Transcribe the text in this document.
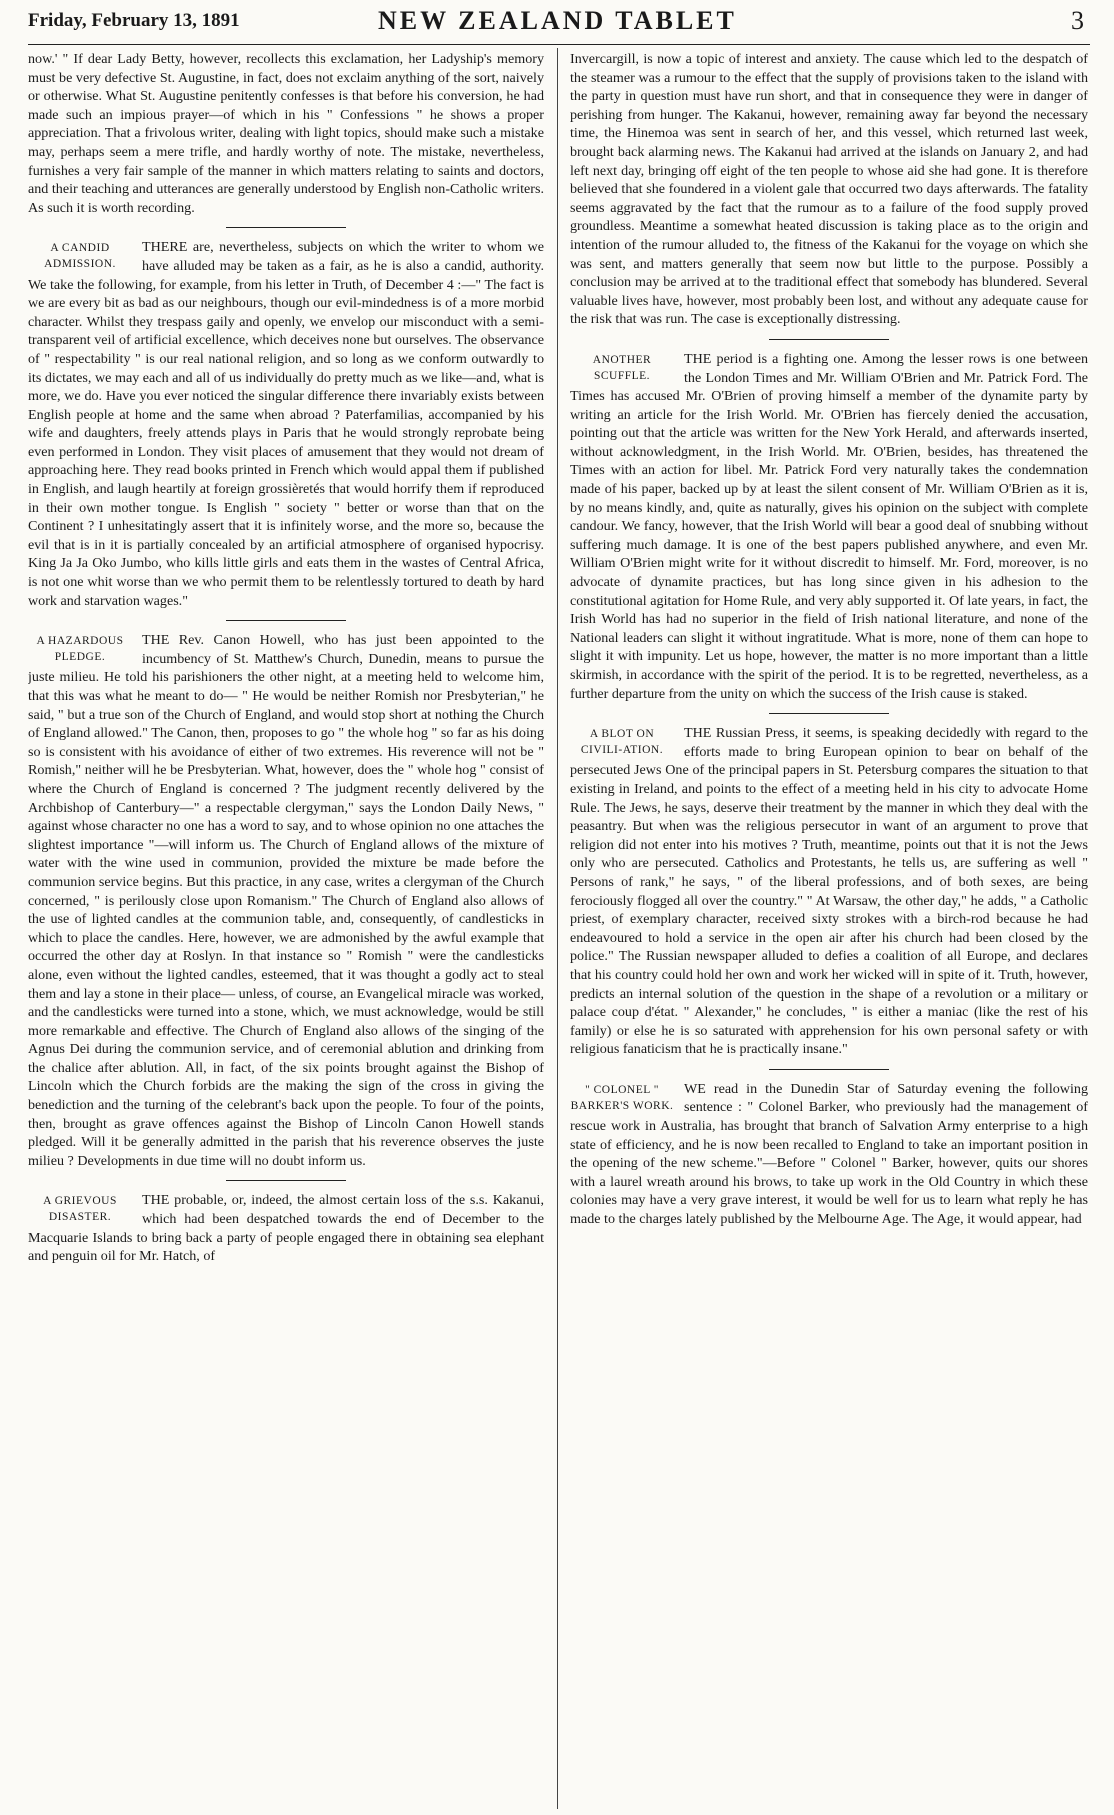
Friday, February 13, 1891	NEW ZEALAND TABLET	3

now.' " If dear Lady Betty, however, recollects this exclamation, her Ladyship's memory must be very defective St. Augustine, in fact, does not exclaim anything of the sort, naively or otherwise. What St. Augustine penitently confesses is that before his conversion, he had made such an impious prayer—of which in his " Confessions " he shows a proper appreciation. That a frivolous writer, dealing with light topics, should make such a mistake may, perhaps seem a mere trifle, and hardly worthy of note. The mistake, nevertheless, furnishes a very fair sample of the manner in which matters relating to saints and doctors, and their teaching and utterances are generally understood by English non-Catholic writers. As such it is worth recording.

A CANDID ADMISSION.

THERE are, nevertheless, subjects on which the writer to whom we have alluded may be taken as a fair, as he is also a candid, authority. We take the following, for example, from his letter in Truth, of December 4 :—" The fact is we are every bit as bad as our neighbours, though our evil-mindedness is of a more morbid character. Whilst they trespass gaily and openly, we envelop our misconduct with a semi-transparent veil of artificial excellence, which deceives none but ourselves. The observance of " respectability " is our real national religion, and so long as we conform outwardly to its dictates, we may each and all of us individually do pretty much as we like—and, what is more, we do. Have you ever noticed the singular difference there invariably exists between English people at home and the same when abroad ? Paterfamilias, accompanied by his wife and daughters, freely attends plays in Paris that he would strongly reprobate being even performed in London. They visit places of amusement that they would not dream of approaching here. They read books printed in French which would appal them if published in English, and laugh heartily at foreign grossièretés that would horrify them if reproduced in their own mother tongue. Is English " society " better or worse than that on the Continent ? I unhesitatingly assert that it is infinitely worse, and the more so, because the evil that is in it is partially concealed by an artificial atmosphere of organised hypocrisy. King Ja Ja Oko Jumbo, who kills little girls and eats them in the wastes of Central Africa, is not one whit worse than we who permit them to be relentlessly tortured to death by hard work and starvation wages."

A HAZARDOUS PLEDGE.

THE Rev. Canon Howell, who has just been appointed to the incumbency of St. Matthew's Church, Dunedin, means to pursue the juste milieu. He told his parishioners the other night, at a meeting held to welcome him, that this was what he meant to do— " He would be neither Romish nor Presbyterian," he said, " but a true son of the Church of England, and would stop short at nothing the Church of England allowed." The Canon, then, proposes to go " the whole hog " so far as his doing so is consistent with his avoidance of either of two extremes. His reverence will not be " Romish," neither will he be Presbyterian. What, however, does the " whole hog " consist of where the Church of England is concerned ? The judgment recently delivered by the Archbishop of Canterbury—" a respectable clergyman," says the London Daily News, " against whose character no one has a word to say, and to whose opinion no one attaches the slightest importance "—will inform us. The Church of England allows of the mixture of water with the wine used in communion, provided the mixture be made before the communion service begins. But this practice, in any case, writes a clergyman of the Church concerned, " is perilously close upon Romanism." The Church of England also allows of the use of lighted candles at the communion table, and, consequently, of candlesticks in which to place the candles. Here, however, we are admonished by the awful example that occurred the other day at Roslyn. In that instance so " Romish " were the candlesticks alone, even without the lighted candles, esteemed, that it was thought a godly act to steal them and lay a stone in their place— unless, of course, an Evangelical miracle was worked, and the candlesticks were turned into a stone, which, we must acknowledge, would be still more remarkable and effective. The Church of England also allows of the singing of the Agnus Dei during the communion service, and of ceremonial ablution and drinking from the chalice after ablution. All, in fact, of the six points brought against the Bishop of Lincoln which the Church forbids are the making the sign of the cross in giving the benediction and the turning of the celebrant's back upon the people. To four of the points, then, brought as grave offences against the Bishop of Lincoln Canon Howell stands pledged. Will it be generally admitted in the parish that his reverence observes the juste milieu ? Developments in due time will no doubt inform us.

A GRIEVOUS DISASTER.

THE probable, or, indeed, the almost certain loss of the s.s. Kakanui, which had been despatched towards the end of December to the Macquarie Islands to bring back a party of people engaged there in obtaining sea elephant and penguin oil for Mr. Hatch, of

Invercargill, is now a topic of interest and anxiety. The cause which led to the despatch of the steamer was a rumour to the effect that the supply of provisions taken to the island with the party in question must have run short, and that in consequence they were in danger of perishing from hunger. The Kakanui, however, remaining away far beyond the necessary time, the Hinemoa was sent in search of her, and this vessel, which returned last week, brought back alarming news. The Kakanui had arrived at the islands on January 2, and had left next day, bringing off eight of the ten people to whose aid she had gone. It is therefore believed that she foundered in a violent gale that occurred two days afterwards. The fatality seems aggravated by the fact that the rumour as to a failure of the food supply proved groundless. Meantime a somewhat heated discussion is taking place as to the origin and intention of the rumour alluded to, the fitness of the Kakanui for the voyage on which she was sent, and matters generally that seem now but little to the purpose. Possibly a conclusion may be arrived at to the traditional effect that somebody has blundered. Several valuable lives have, however, most probably been lost, and without any adequate cause for the risk that was run. The case is exceptionally distressing.

ANOTHER SCUFFLE.

THE period is a fighting one. Among the lesser rows is one between the London Times and Mr. William O'Brien and Mr. Patrick Ford. The Times has accused Mr. O'Brien of proving himself a member of the dynamite party by writing an article for the Irish World. Mr. O'Brien has fiercely denied the accusation, pointing out that the article was written for the New York Herald, and afterwards inserted, without acknowledgment, in the Irish World. Mr. O'Brien, besides, has threatened the Times with an action for libel. Mr. Patrick Ford very naturally takes the condemnation made of his paper, backed up by at least the silent consent of Mr. William O'Brien as it is, by no means kindly, and, quite as naturally, gives his opinion on the subject with complete candour. We fancy, however, that the Irish World will bear a good deal of snubbing without suffering much damage. It is one of the best papers published anywhere, and even Mr. William O'Brien might write for it without discredit to himself. Mr. Ford, moreover, is no advocate of dynamite practices, but has long since given in his adhesion to the constitutional agitation for Home Rule, and very ably supported it. Of late years, in fact, the Irish World has had no superior in the field of Irish national literature, and none of the National leaders can slight it without ingratitude. What is more, none of them can hope to slight it with impunity. Let us hope, however, the matter is no more important than a little skirmish, in accordance with the spirit of the period. It is to be regretted, nevertheless, as a further departure from the unity on which the success of the Irish cause is staked.

A BLOT ON CIVILI-ATION.

THE Russian Press, it seems, is speaking decidedly with regard to the efforts made to bring European opinion to bear on behalf of the persecuted Jews One of the principal papers in St. Petersburg compares the situation to that existing in Ireland, and points to the effect of a meeting held in his city to advocate Home Rule. The Jews, he says, deserve their treatment by the manner in which they deal with the peasantry. But when was the religious persecutor in want of an argument to prove that religion did not enter into his motives ? Truth, meantime, points out that it is not the Jews only who are persecuted. Catholics and Protestants, he tells us, are suffering as well " Persons of rank," he says, " of the liberal professions, and of both sexes, are being ferociously flogged all over the country." " At Warsaw, the other day," he adds, " a Catholic priest, of exemplary character, received sixty strokes with a birch-rod because he had endeavoured to hold a service in the open air after his church had been closed by the police." The Russian newspaper alluded to defies a coalition of all Europe, and declares that his country could hold her own and work her wicked will in spite of it. Truth, however, predicts an internal solution of the question in the shape of a revolution or a military or palace coup d'état. " Alexander," he concludes, " is either a maniac (like the rest of his family) or else he is so saturated with apprehension for his own personal safety or with religious fanaticism that he is practically insane."

" COLONEL " BARKER'S WORK.

WE read in the Dunedin Star of Saturday evening the following sentence : " Colonel Barker, who previously had the management of rescue work in Australia, has brought that branch of Salvation Army enterprise to a high state of efficiency, and he is now been recalled to England to take an important position in the opening of the new scheme."—Before " Colonel " Barker, however, quits our shores with a laurel wreath around his brows, to take up work in the Old Country in which these colonies may have a very grave interest, it would be well for us to learn what reply he has made to the charges lately published by the Melbourne Age. The Age, it would appear, had
